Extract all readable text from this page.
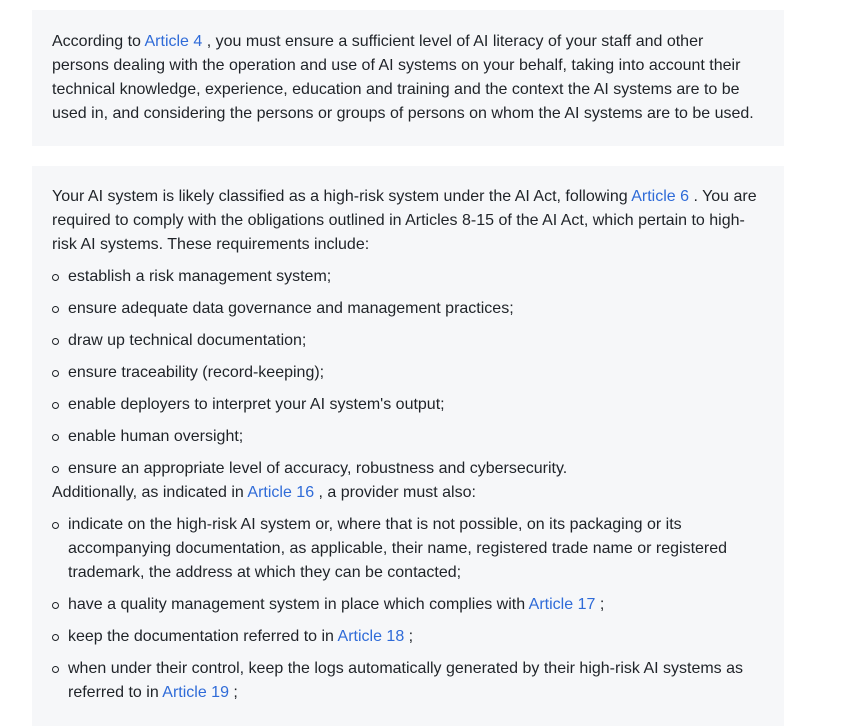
According to Article 4 , you must ensure a sufficient level of AI literacy of your staff and other persons dealing with the operation and use of AI systems on your behalf, taking into account their technical knowledge, experience, education and training and the context the AI systems are to be used in, and considering the persons or groups of persons on whom the AI systems are to be used.

Your AI system is likely classified as a high-risk system under the AI Act, following Article 6 . You are required to comply with the obligations outlined in Articles 8-15 of the AI Act, which pertain to high-risk AI systems. These requirements include:

establish a risk management system;
ensure adequate data governance and management practices;
draw up technical documentation;
ensure traceability (record-keeping);
enable deployers to interpret your AI system's output;
enable human oversight;
ensure an appropriate level of accuracy, robustness and cybersecurity.

Additionally, as indicated in Article 16 , a provider must also:

indicate on the high-risk AI system or, where that is not possible, on its packaging or its accompanying documentation, as applicable, their name, registered trade name or registered trademark, the address at which they can be contacted;
have a quality management system in place which complies with Article 17 ;
keep the documentation referred to in Article 18 ;
when under their control, keep the logs automatically generated by their high-risk AI systems as referred to in Article 19 ;
